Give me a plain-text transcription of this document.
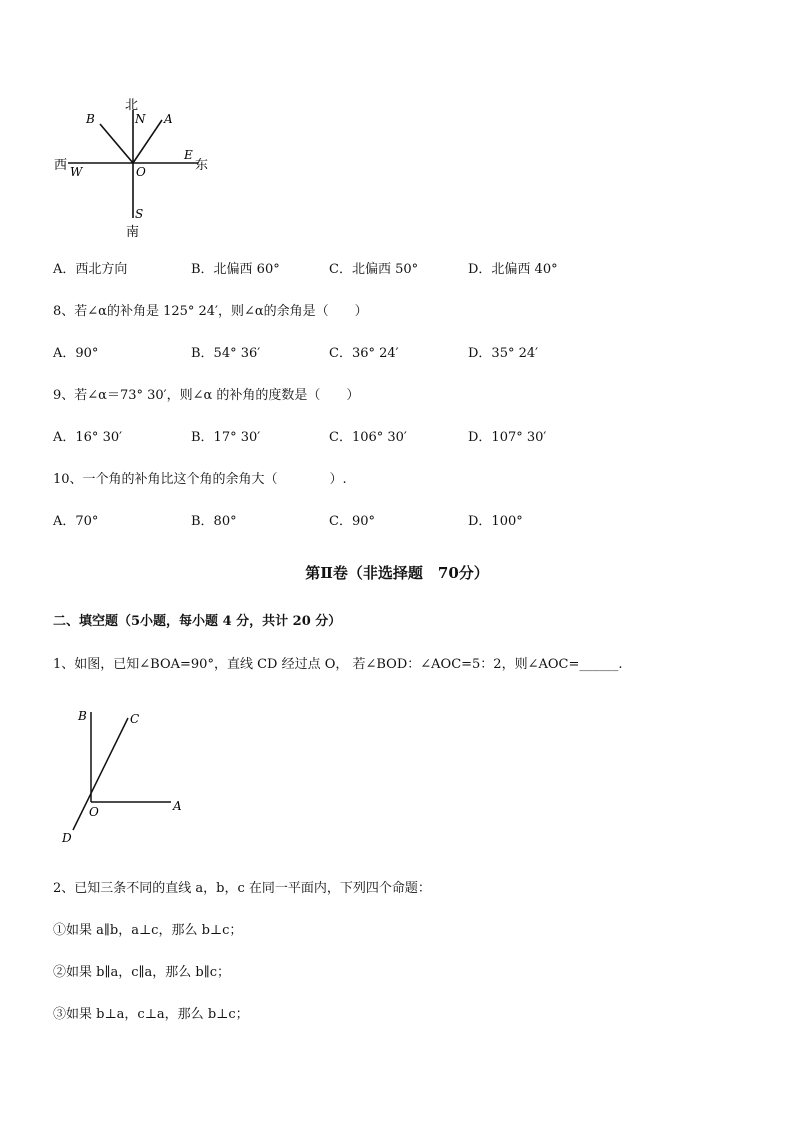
北
南
东
西
N
S
E
W	O
A
B
A．西北方向	B．北偏西 60°	C．北偏西 50°	D．北偏西 40°
8、若∠α的补角是 125° 24′，则∠α的余角是（　　）
A．90°	B．54° 36′	C．36° 24′	D．35° 24′
9、若∠α＝73° 30′，则∠α 的补角的度数是（　　）
A．16° 30′	B．17° 30′	C．106° 30′	D．107° 30′
10、一个角的补角比这个角的余角大（　　　　）.
A．70°	B．80°	C．90°	D．100°
第Ⅱ卷（非选择题　70分）
二、填空题（5小题，每小题 4 分，共计 20 分）
1、如图，已知∠BOA=90°，直线 CD 经过点 O， 若∠BOD：∠AOC=5：2，则∠AOC=______.
B	C
A
O
D
2、已知三条不同的直线 a，b，c 在同一平面内，下列四个命题：
①如果 a∥b，a⊥c，那么 b⊥c；
②如果 b∥a，c∥a，那么 b∥c；
③如果 b⊥a，c⊥a，那么 b⊥c；
